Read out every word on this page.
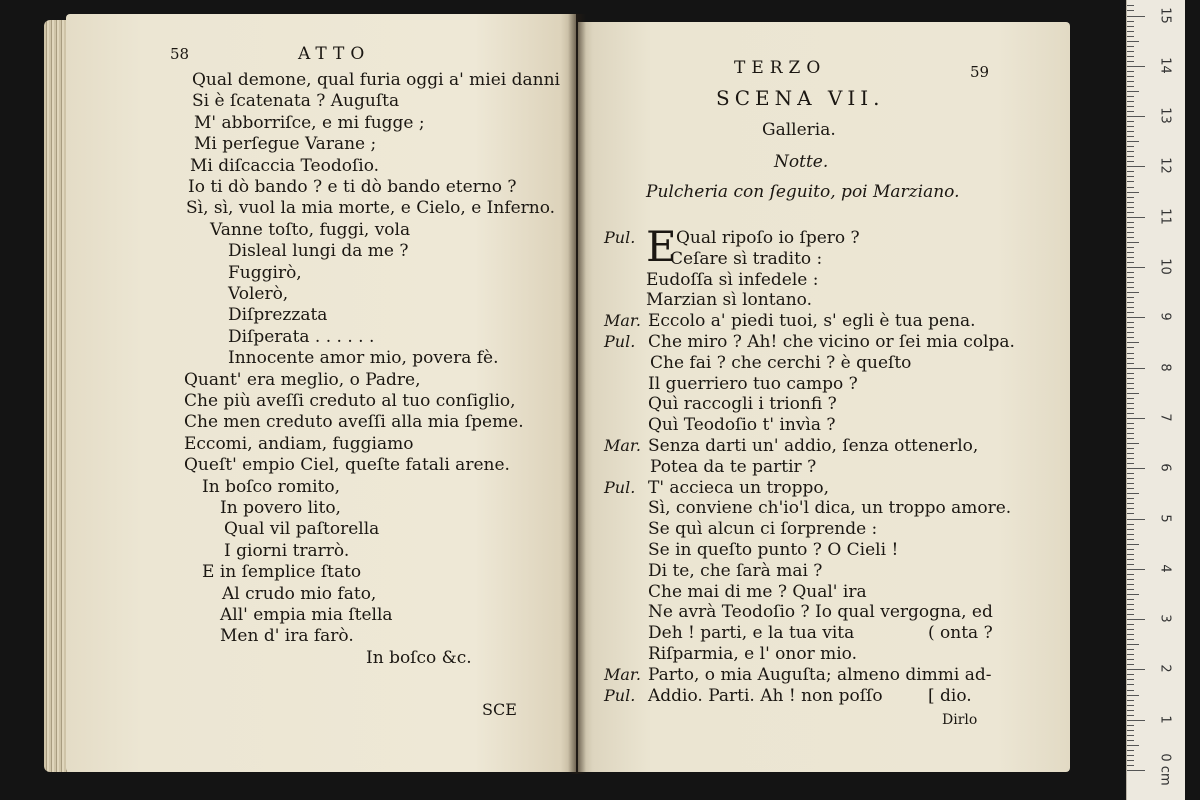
58	ATTO
Qual demone, qual furia oggi a' miei danni
Si è ſcatenata ? Auguſta
M' abborriſce, e mi fugge ;
Mi perſegue Varane ;
Mi diſcaccia Teodoſio.
Io ti dò bando ? e ti dò bando eterno ?
Sì, sì, vuol la mia morte, e Cielo, e Inferno.
Vanne toſto, fuggi, vola
Disleal lungi da me ?
Fuggirò,
Volerò,
Diſprezzata
Diſperata . . . . . .
Innocente amor mio, povera fè.
Quant' era meglio, o Padre,
Che più aveſſi creduto al tuo conſiglio,
Che men creduto aveſſi alla mia ſpeme.
Eccomi, andiam, fuggiamo
Queſt' empio Ciel, queſte fatali arene.
In boſco romito,
In povero lito,
Qual vil paſtorella
I giorni trarrò.
E in ſemplice ſtato
Al crudo mio fato,
All' empia mia ſtella
Men d' ira farò.
In boſco &c.
SCE
TERZO	59
SCENA VII.
Galleria.
Notte.
Pulcheria con ſeguito, poi Marziano.
Pul. E Qual ripoſo io ſpero ?
Ceſare sì tradito :
Eudoſſa sì infedele :
Marzian sì lontano.
Mar. Eccolo a' piedi tuoi, s' egli è tua pena.
Pul. Che miro ? Ah! che vicino or ſei mia colpa.
Che fai ? che cerchi ? è queſto
Il guerriero tuo campo ?
Quì raccogli i trionfi ?
Quì Teodoſio t' invìa ?
Mar. Senza darti un' addio, ſenza ottenerlo,
Potea da te partir ?
Pul. T' accieca un troppo,
Sì, conviene ch'io'l dica, un troppo amore.
Se quì alcun ci ſorprende :
Se in queſto punto ? O Cieli !
Di te, che ſarà mai ?
Che mai di me ? Qual' ira
Ne avrà Teodoſio ? Io qual vergogna, ed
Deh ! parti, e la tua vita	( onta ?
Riſparmia, e l' onor mio.
Mar. Parto, o mia Auguſta; almeno dimmi ad-
Pul. Addio. Parti. Ah ! non poſſo	[ dio.
Dirlo
0 cm
1
2
3
4
5
6
7
8
9
10
11
12
13
14
15
